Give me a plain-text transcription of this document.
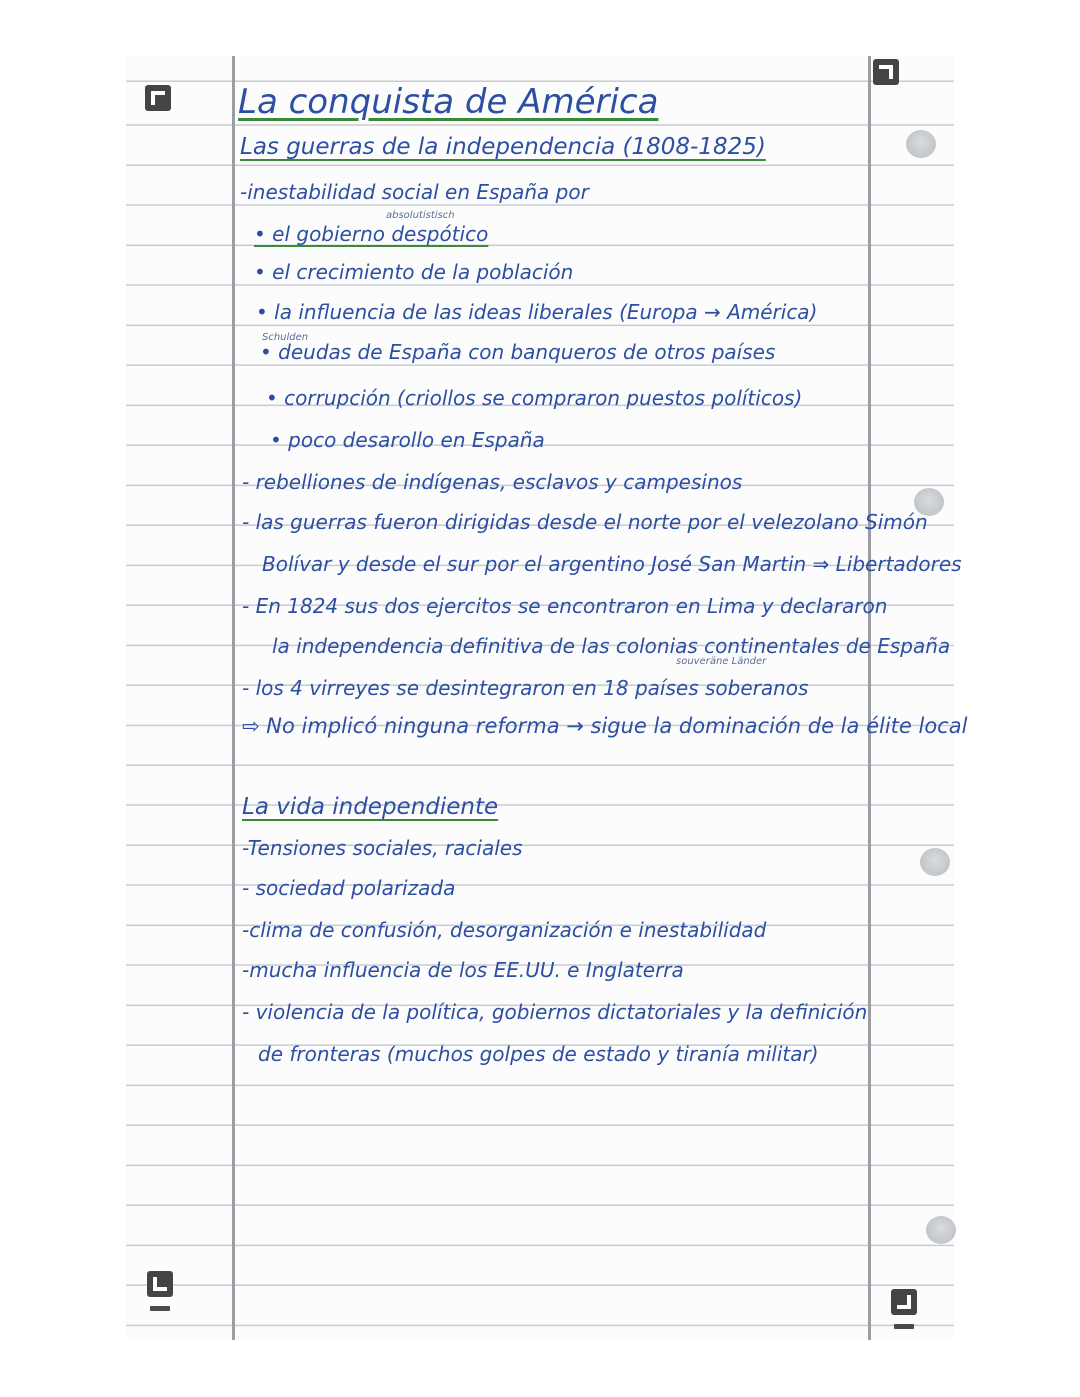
La conquista de América
Las guerras de la independencia (1808-1825)
absolutistisch
Schulden
souveräne Länder
-inestabilidad social en España por
• el gobierno despótico
• el crecimiento de la población
• la influencia de las ideas liberales (Europa → América)
• deudas de España con banqueros de otros países
• corrupción (criollos se compraron puestos políticos)
• poco desarollo en España
- rebelliones de indígenas, esclavos y campesinos
- las guerras fueron dirigidas desde el norte por el velezolano Simón
Bolívar y desde el sur por el argentino José San Martin ⇒ Libertadores
- En 1824 sus dos ejercitos se encontraron en Lima y declararon
la independencia definitiva de las colonias continentales de España
- los 4 virreyes se desintegraron en 18 países soberanos
⇨ No implicó ninguna reforma → sigue la dominación de la élite local
La vida independiente
-Tensiones sociales, raciales
- sociedad polarizada
-clima de confusión, desorganización e inestabilidad
-mucha influencia de los EE.UU. e Inglaterra
- violencia de la política, gobiernos dictatoriales y la definición
de fronteras (muchos golpes de estado y tiranía militar)
